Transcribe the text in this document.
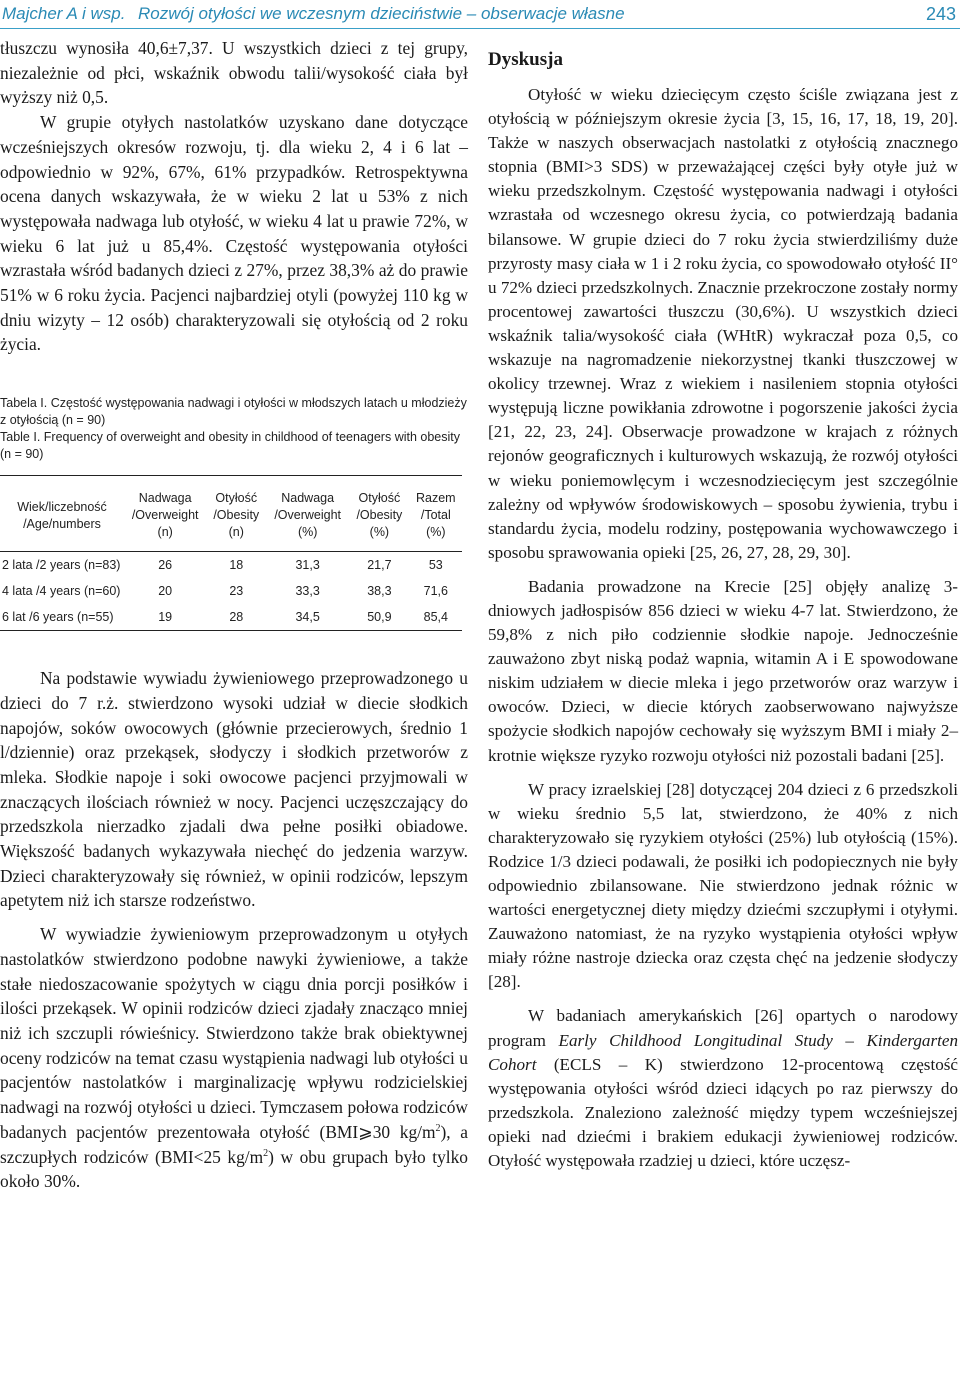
Majcher A i wsp. Rozwój otyłości we wczesnym dzieciństwie – obserwacje własne	243

tłuszczu wynosiła 40,6±7,37. U wszystkich dzieci z tej grupy, niezależnie od płci, wskaźnik obwodu talii/wysokość ciała był wyższy niż 0,5.

W grupie otyłych nastolatków uzyskano dane dotyczące wcześniejszych okresów rozwoju, tj. dla wieku 2, 4 i 6 lat – odpowiednio w 92%, 67%, 61% przypadków. Retrospektywna ocena danych wskazywała, że w wieku 2 lat u 53% z nich występowała nadwaga lub otyłość, w wieku 4 lat u prawie 72%, w wieku 6 lat już u 85,4%. Częstość występowania otyłości wzrastała wśród badanych dzieci z 27%, przez 38,3% aż do prawie 51% w 6 roku życia. Pacjenci najbardziej otyli (powyżej 110 kg w dniu wizyty – 12 osób) charakteryzowali się otyłością od 2 roku życia.

Tabela I. Częstość występowania nadwagi i otyłości w młodszych latach u młodzieży z otyłością (n = 90)
Table I. Frequency of overweight and obesity in childhood of teenagers with obesity (n = 90)
Wiek/liczebność /Age/numbers	Nadwaga /Overweight (n)	Otyłość /Obesity (n)	Nadwaga /Overweight (%)	Otyłość /Obesity (%)	Razem /Total (%)
2 lata /2 years (n=83)	26	18	31,3	21,7	53
4 lata /4 years (n=60)	20	23	33,3	38,3	71,6
6 lat /6 years (n=55)	19	28	34,5	50,9	85,4

Na podstawie wywiadu żywieniowego przeprowadzonego u dzieci do 7 r.ż. stwierdzono wysoki udział w diecie słodkich napojów, soków owocowych (głównie przecierowych, średnio 1 l/dziennie) oraz przekąsek, słodyczy i słodkich przetworów z mleka. Słodkie napoje i soki owocowe pacjenci przyjmowali w znaczących ilościach również w nocy. Pacjenci uczęszczający do przedszkola nierzadko zjadali dwa pełne posiłki obiadowe. Większość badanych wykazywała niechęć do jedzenia warzyw. Dzieci charakteryzowały się również, w opinii rodziców, lepszym apetytem niż ich starsze rodzeństwo.

W wywiadzie żywieniowym przeprowadzonym u otyłych nastolatków stwierdzono podobne nawyki żywieniowe, a także stałe niedoszacowanie spożytych w ciągu dnia porcji posiłków i ilości przekąsek. W opinii rodziców dzieci zjadały znacząco mniej niż ich szczupli rówieśnicy. Stwierdzono także brak obiektywnej oceny rodziców na temat czasu wystąpienia nadwagi lub otyłości u pacjentów nastolatków i marginalizację wpływu rodzicielskiej nadwagi na rozwój otyłości u dzieci. Tymczasem połowa rodziców badanych pacjentów prezentowała otyłość (BMI⩾30 $kg/m^2$), a szczupłych rodziców (BMI<25 $kg/m^2$) w obu grupach było tylko około 30%.

Dyskusja

Otyłość w wieku dziecięcym często ściśle związana jest z otyłością w późniejszym okresie życia [3, 15, 16, 17, 18, 19, 20]. Także w naszych obserwacjach nastolatki z otyłością znacznego stopnia (BMI>3 SDS) w przeważającej części były otyłe już w wieku przedszkolnym. Częstość występowania nadwagi i otyłości wzrastała od wczesnego okresu życia, co potwierdzają badania bilansowe. W grupie dzieci do 7 roku życia stwierdziliśmy duże przyrosty masy ciała w 1 i 2 roku życia, co spowodowało otyłość II° u 72% dzieci przedszkolnych. Znacznie przekroczone zostały normy procentowej zawartości tłuszczu (30,6%). U wszystkich dzieci wskaźnik talia/wysokość ciała (WHtR) wykraczał poza 0,5, co wskazuje na nagromadzenie niekorzystnej tkanki tłuszczowej w okolicy trzewnej. Wraz z wiekiem i nasileniem stopnia otyłości występują liczne powikłania zdrowotne i pogorszenie jakości życia [21, 22, 23, 24]. Obserwacje prowadzone w krajach z różnych rejonów geograficznych i kulturowych wskazują, że rozwój otyłości w wieku poniemowlęcym i wczesnodziecięcym jest szczególnie zależny od wpływów środowiskowych – sposobu żywienia, trybu i standardu życia, modelu rodziny, postępowania wychowawczego i sposobu sprawowania opieki [25, 26, 27, 28, 29, 30].

Badania prowadzone na Krecie [25] objęły analizę 3-dniowych jadłospisów 856 dzieci w wieku 4-7 lat. Stwierdzono, że 59,8% z nich piło codziennie słodkie napoje. Jednocześnie zauważono zbyt niską podaż wapnia, witamin A i E spowodowane niskim udziałem w diecie mleka i jego przetworów oraz warzyw i owoców. Dzieci, w diecie których zaobserwowano najwyższe spożycie słodkich napojów cechowały się wyższym BMI i miały 2–krotnie większe ryzyko rozwoju otyłości niż pozostali badani [25].

W pracy izraelskiej [28] dotyczącej 204 dzieci z 6 przedszkoli w wieku średnio 5,5 lat, stwierdzono, że 40% z nich charakteryzowało się ryzykiem otyłości (25%) lub otyłością (15%). Rodzice 1/3 dzieci podawali, że posiłki ich podopiecznych nie były odpowiednio zbilansowane. Nie stwierdzono jednak różnic w wartości energetycznej diety między dziećmi szczupłymi i otyłymi. Zauważono natomiast, że na ryzyko wystąpienia otyłości wpływ miały różne nastroje dziecka oraz częsta chęć na jedzenie słodyczy [28].

W badaniach amerykańskich [26] opartych o narodowy program Early Childhood Longitudinal Study – Kindergarten Cohort (ECLS – K) stwierdzono 12-procentową częstość występowania otyłości wśród dzieci idących po raz pierwszy do przedszkola. Znaleziono zależność między typem wcześniejszej opieki nad dziećmi i brakiem edukacji żywieniowej rodziców. Otyłość występowała rzadziej u dzieci, które uczęsz-
